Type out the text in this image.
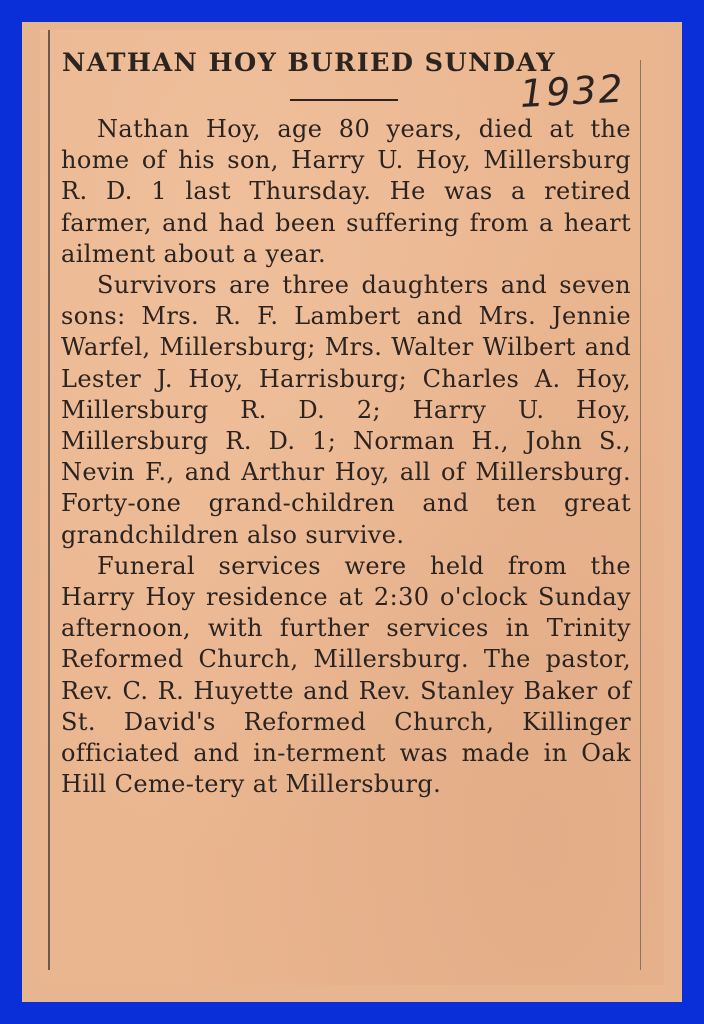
NATHAN HOY BURIED SUNDAY
1932

Nathan Hoy, age 80 years, died at the home of his son, Harry U. Hoy, Millersburg R. D. 1 last Thursday. He was a retired farmer, and had been suffering from a heart ailment about a year.

Survivors are three daughters and seven sons: Mrs. R. F. Lambert and Mrs. Jennie Warfel, Millersburg; Mrs. Walter Wilbert and Lester J. Hoy, Harrisburg; Charles A. Hoy, Millersburg R. D. 2; Harry U. Hoy, Millersburg R. D. 1; Norman H., John S., Nevin F., and Arthur Hoy, all of Millersburg. Forty-one grand-children and ten great grandchildren also survive.

Funeral services were held from the Harry Hoy residence at 2:30 o'clock Sunday afternoon, with further services in Trinity Reformed Church, Millersburg. The pastor, Rev. C. R. Huyette and Rev. Stanley Baker of St. David's Reformed Church, Killinger officiated and in-terment was made in Oak Hill Ceme-tery at Millersburg.
